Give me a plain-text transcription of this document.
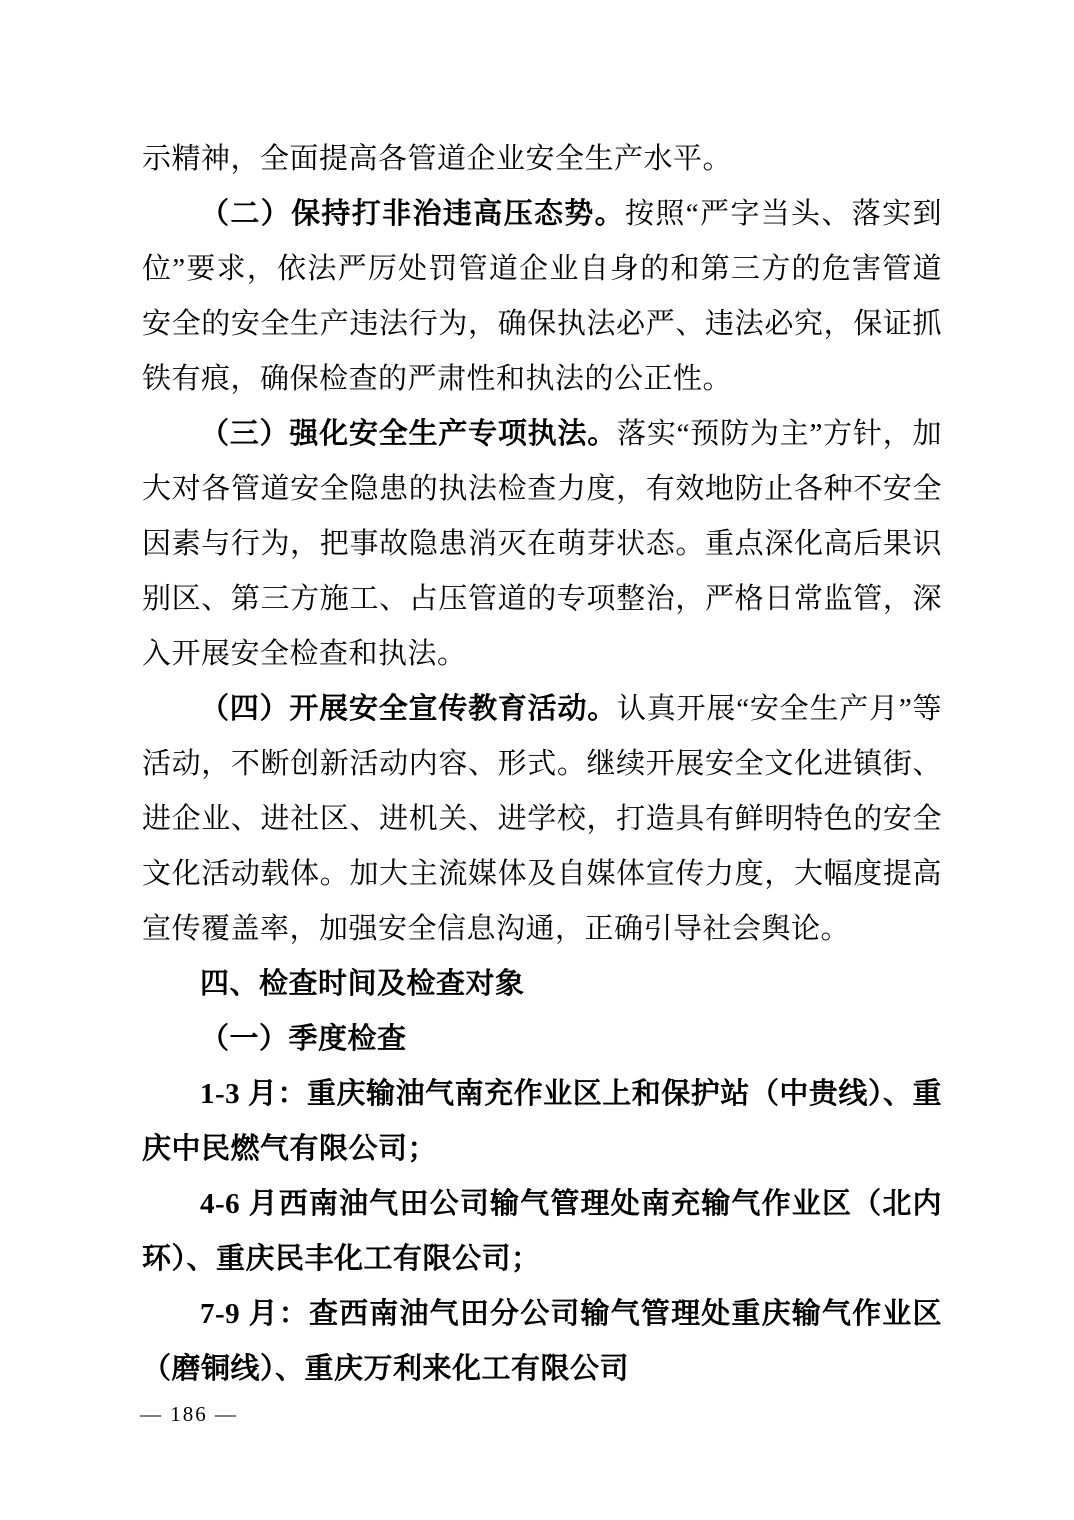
示精神，全面提高各管道企业安全生产水平。

（二）保持打非治违高压态势。按照“严字当头、落实到位”要求，依法严厉处罚管道企业自身的和第三方的危害管道安全的安全生产违法行为，确保执法必严、违法必究，保证抓铁有痕，确保检查的严肃性和执法的公正性。

（三）强化安全生产专项执法。落实“预防为主”方针，加大对各管道安全隐患的执法检查力度，有效地防止各种不安全因素与行为，把事故隐患消灭在萌芽状态。重点深化高后果识别区、第三方施工、占压管道的专项整治，严格日常监管，深入开展安全检查和执法。

（四）开展安全宣传教育活动。认真开展“安全生产月”等活动，不断创新活动内容、形式。继续开展安全文化进镇街、进企业、进社区、进机关、进学校，打造具有鲜明特色的安全文化活动载体。加大主流媒体及自媒体宣传力度，大幅度提高宣传覆盖率，加强安全信息沟通，正确引导社会舆论。

四、检查时间及检查对象
（一）季度检查

1-3 月：重庆输油气南充作业区上和保护站（中贵线）、重庆中民燃气有限公司；

4-6 月西南油气田公司输气管理处南充输气作业区（北内环）、重庆民丰化工有限公司；

7-9 月：查西南油气田分公司输气管理处重庆输气作业区（磨铜线）、重庆万利来化工有限公司

— 186 —
